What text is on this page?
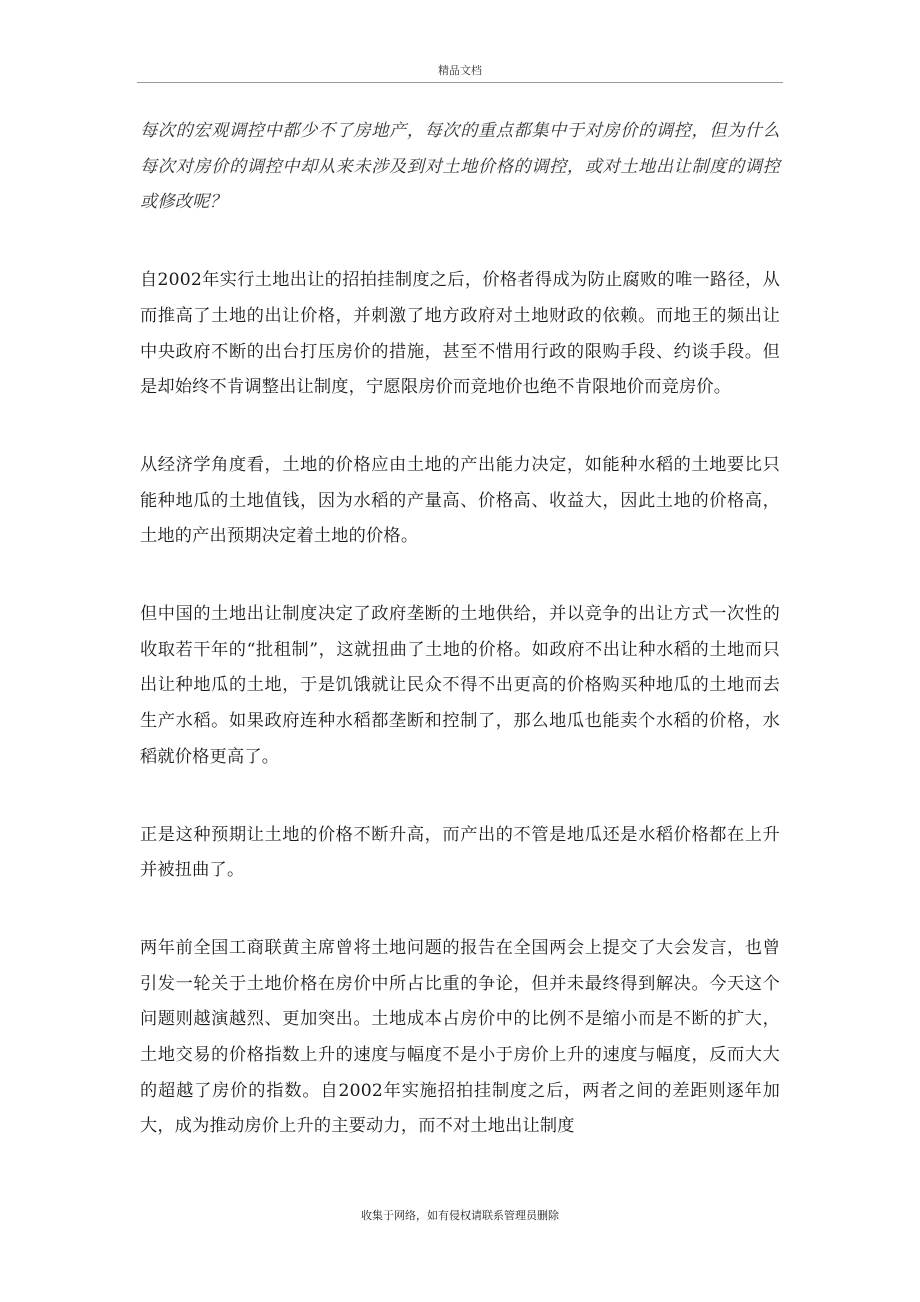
精品文档

每次的宏观调控中都少不了房地产，每次的重点都集中于对房价的调控，但为什么每次对房价的调控中却从来未涉及到对土地价格的调控，或对土地出让制度的调控或修改呢？

自2002年实行土地出让的招拍挂制度之后，价格者得成为防止腐败的唯一路径，从而推高了土地的出让价格，并刺激了地方政府对土地财政的依赖。而地王的频出让中央政府不断的出台打压房价的措施，甚至不惜用行政的限购手段、约谈手段。但是却始终不肯调整出让制度，宁愿限房价而竞地价也绝不肯限地价而竞房价。

从经济学角度看，土地的价格应由土地的产出能力决定，如能种水稻的土地要比只能种地瓜的土地值钱，因为水稻的产量高、价格高、收益大，因此土地的价格高，土地的产出预期决定着土地的价格。

但中国的土地出让制度决定了政府垄断的土地供给，并以竞争的出让方式一次性的收取若干年的“批租制”，这就扭曲了土地的价格。如政府不出让种水稻的土地而只出让种地瓜的土地，于是饥饿就让民众不得不出更高的价格购买种地瓜的土地而去生产水稻。如果政府连种水稻都垄断和控制了，那么地瓜也能卖个水稻的价格，水稻就价格更高了。

正是这种预期让土地的价格不断升高，而产出的不管是地瓜还是水稻价格都在上升并被扭曲了。

两年前全国工商联黄主席曾将土地问题的报告在全国两会上提交了大会发言，也曾引发一轮关于土地价格在房价中所占比重的争论，但并未最终得到解决。今天这个问题则越演越烈、更加突出。土地成本占房价中的比例不是缩小而是不断的扩大，土地交易的价格指数上升的速度与幅度不是小于房价上升的速度与幅度，反而大大的超越了房价的指数。自2002年实施招拍挂制度之后，两者之间的差距则逐年加大，成为推动房价上升的主要动力，而不对土地出让制度

收集于网络，如有侵权请联系管理员删除
